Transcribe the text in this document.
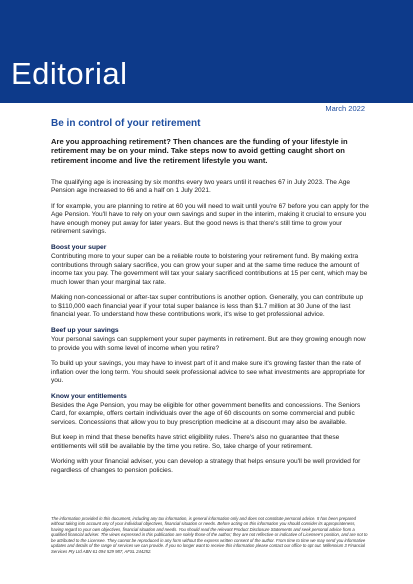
Editorial
March 2022
Be in control of your retirement

Are you approaching retirement? Then chances are the funding of your lifestyle in retirement may be on your mind. Take steps now to avoid getting caught short on retirement income and live the retirement lifestyle you want.

The qualifying age is increasing by six months every two years until it reaches 67 in July 2023. The Age Pension age increased to 66 and a half on 1 July 2021.

If for example, you are planning to retire at 60 you will need to wait until you're 67 before you can apply for the Age Pension. You'll have to rely on your own savings and super in the interim, making it crucial to ensure you have enough money put away for later years. But the good news is that there's still time to grow your retirement savings.

Boost your super

Contributing more to your super can be a reliable route to bolstering your retirement fund. By making extra contributions through salary sacrifice, you can grow your super and at the same time reduce the amount of income tax you pay. The government will tax your salary sacrificed contributions at 15 per cent, which may be much lower than your marginal tax rate.

Making non-concessional or after-tax super contributions is another option. Generally, you can contribute up to $110,000 each financial year if your total super balance is less than $1.7 million at 30 June of the last financial year. To understand how these contributions work, it's wise to get professional advice.

Beef up your savings

Your personal savings can supplement your super payments in retirement. But are they growing enough now to provide you with some level of income when you retire?

To build up your savings, you may have to invest part of it and make sure it's growing faster than the rate of inflation over the long term. You should seek professional advice to see what investments are appropriate for you.

Know your entitlements

Besides the Age Pension, you may be eligible for other government benefits and concessions. The Seniors Card, for example, offers certain individuals over the age of 60 discounts on some commercial and public services. Concessions that allow you to buy prescription medicine at a discount may also be available.

But keep in mind that these benefits have strict eligibility rules. There's also no guarantee that these entitlements will still be available by the time you retire. So, take charge of your retirement.

Working with your financial adviser, you can develop a strategy that helps ensure you'll be well provided for regardless of changes to pension policies.

The information provided in this document, including any tax information, is general information only and does not constitute personal advice. It has been prepared without taking into account any of your individual objectives, financial situation or needs. Before acting on this information you should consider its appropriateness, having regard to your own objectives, financial situation and needs. You should read the relevant Product Disclosure Statements and seek personal advice from a qualified financial adviser. The views expressed in this publication are solely those of the author; they are not reflective or indicative of Licensee's position, and are not to be attributed to the Licensee. They cannot be reproduced in any form without the express written consent of the author. From time to time we may send you informative updates and details of the range of services we can provide. If you no longer want to receive this information please contact our office to opt out. Millennium 3 Financial Services Pty Ltd ABN 61 094 529 987, AFSL 244252.
